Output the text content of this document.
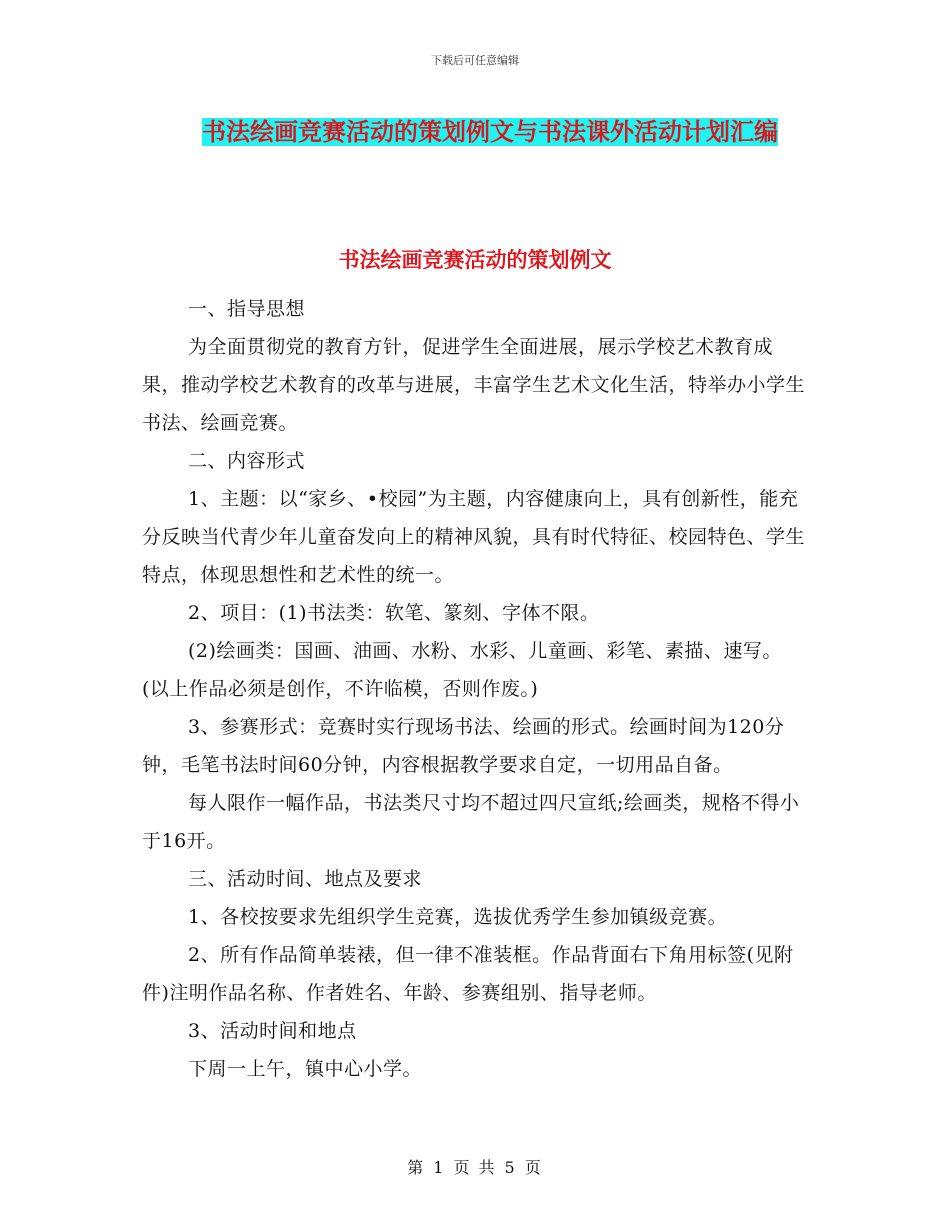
下载后可任意编辑
书法绘画竞赛活动的策划例文与书法课外活动计划汇编
书法绘画竞赛活动的策划例文

一、指导思想

为全面贯彻党的教育方针，促进学生全面进展，展示学校艺术教育成果，推动学校艺术教育的改革与进展，丰富学生艺术文化生活，特举办小学生书法、绘画竞赛。

二、内容形式

1、主题：以“家乡、•校园”为主题，内容健康向上，具有创新性，能充分反映当代青少年儿童奋发向上的精神风貌，具有时代特征、校园特色、学生特点，体现思想性和艺术性的统一。

2、项目：(1)书法类：软笔、篆刻、字体不限。

(2)绘画类：国画、油画、水粉、水彩、儿童画、彩笔、素描、速写。(以上作品必须是创作，不许临模，否则作废。)

3、参赛形式：竞赛时实行现场书法、绘画的形式。绘画时间为120分钟，毛笔书法时间60分钟，内容根据教学要求自定，一切用品自备。

每人限作一幅作品，书法类尺寸均不超过四尺宣纸;绘画类，规格不得小于16开。

三、活动时间、地点及要求

1、各校按要求先组织学生竞赛，选拔优秀学生参加镇级竞赛。

2、所有作品简单装裱，但一律不准装框。作品背面右下角用标签(见附件)注明作品名称、作者姓名、年龄、参赛组别、指导老师。

3、活动时间和地点

下周一上午，镇中心小学。

第 1 页 共 5 页
